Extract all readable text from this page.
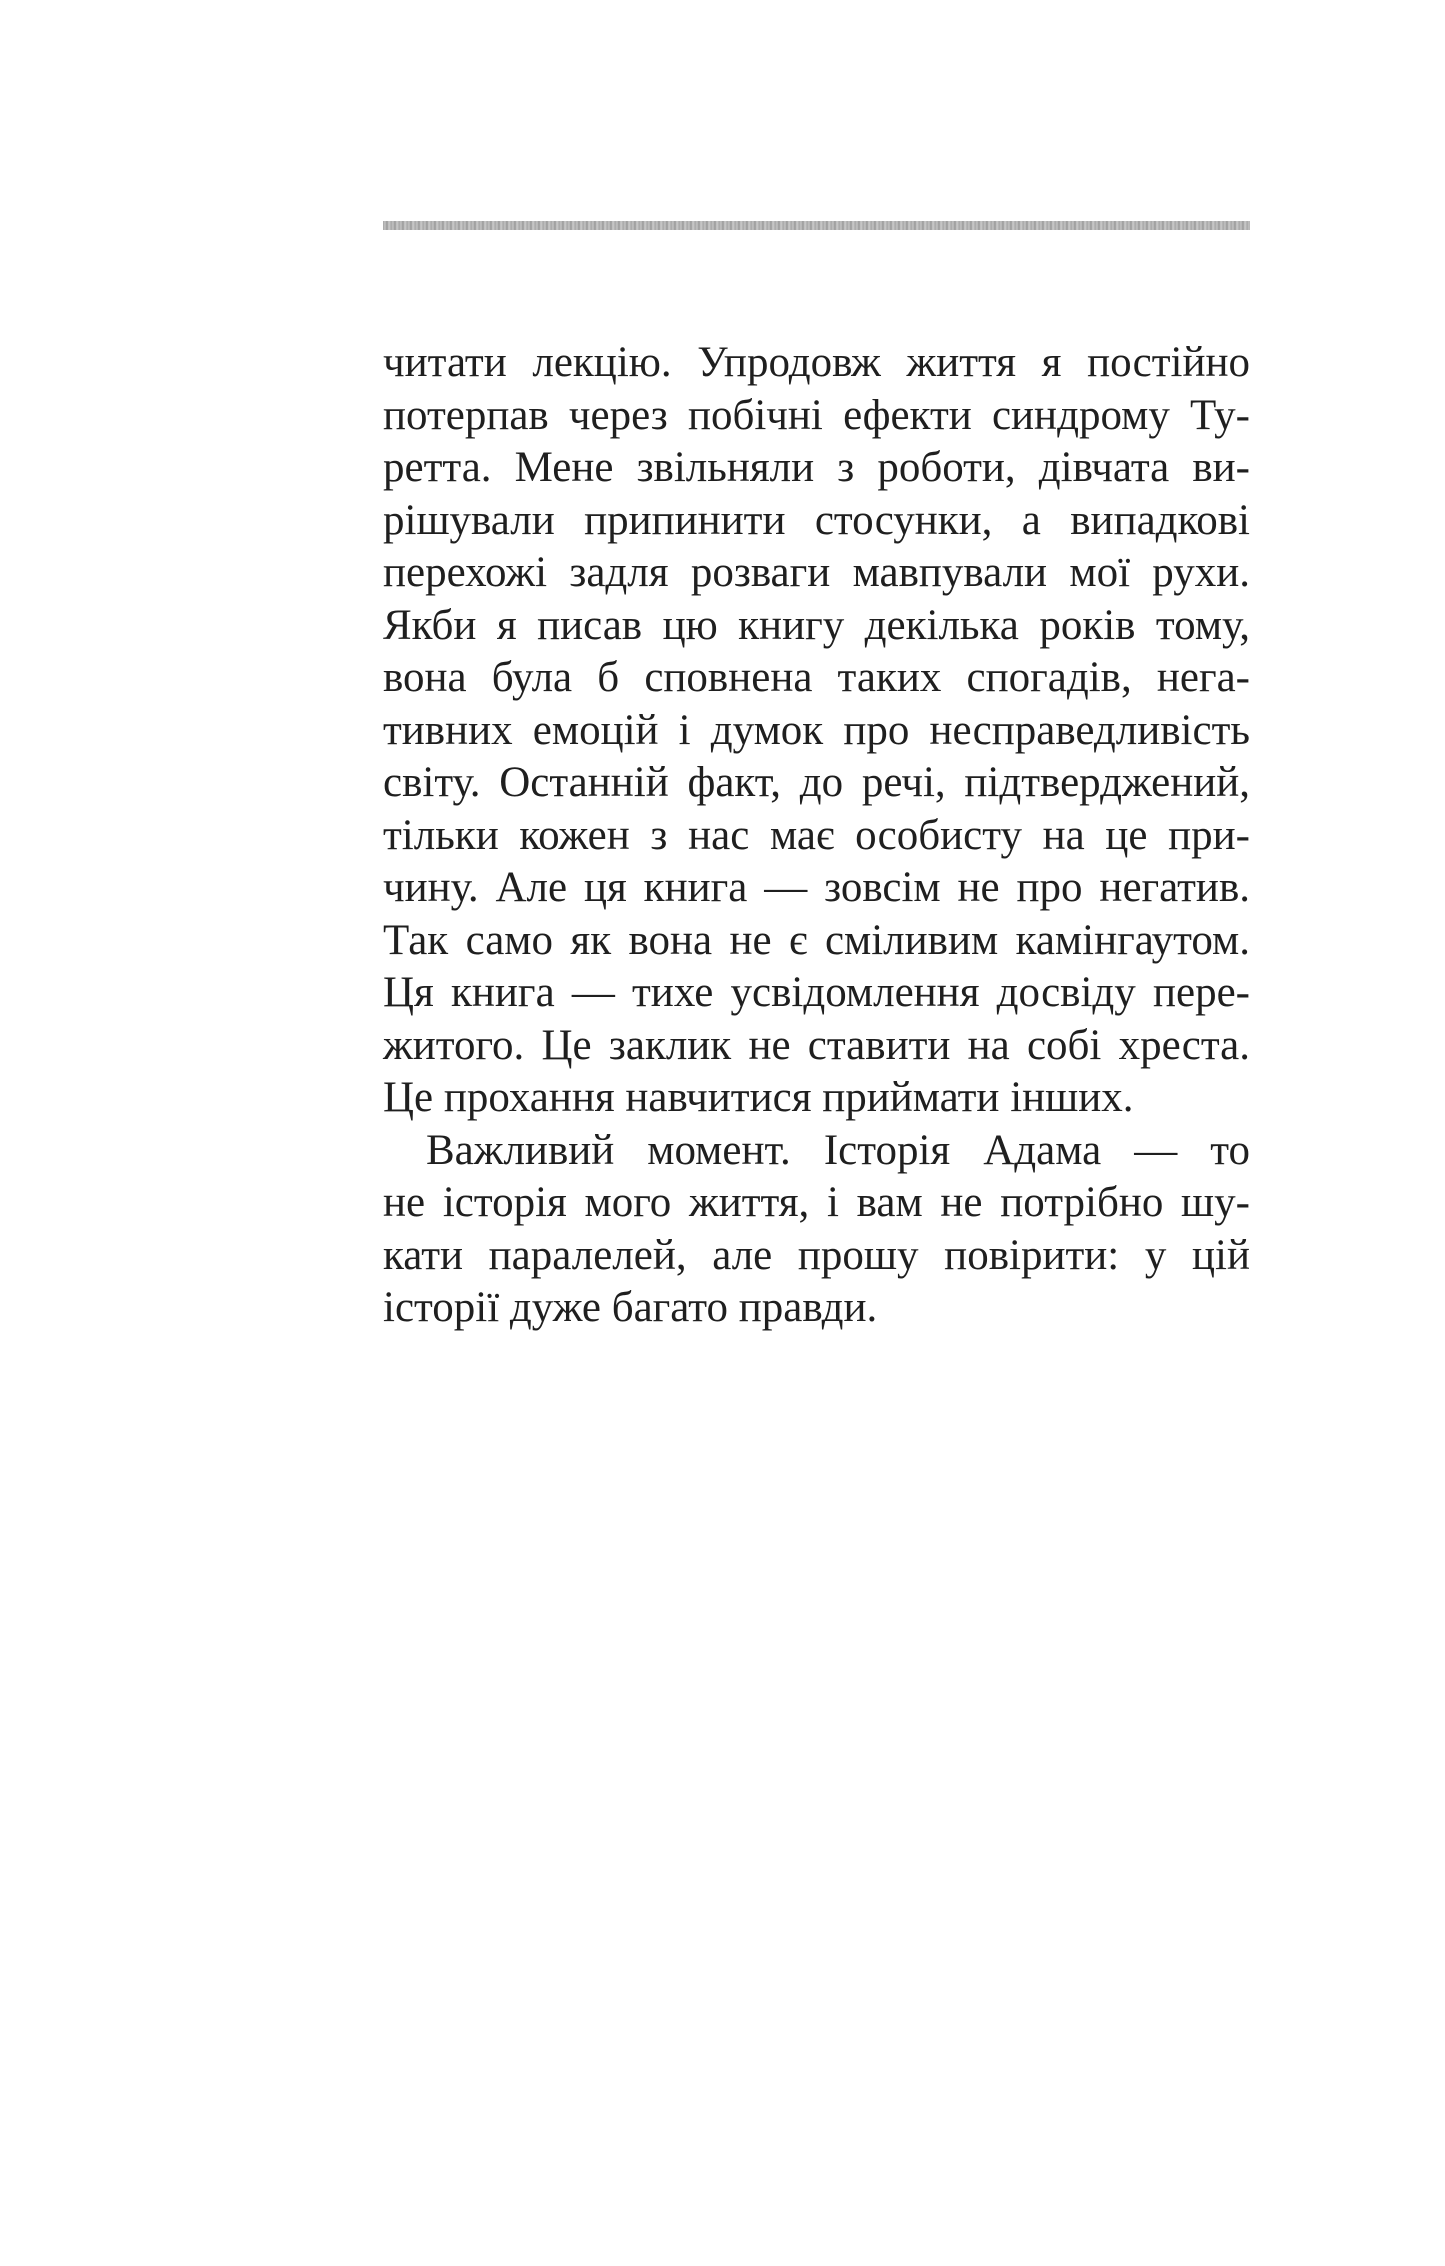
читати лекцію. Упродовж життя я постійно
потерпав через побічні ефекти синдрому Ту-
ретта. Мене звільняли з роботи, дівчата ви-
рішували припинити стосунки, а випадкові
перехожі задля розваги мавпували мої рухи.
Якби я писав цю книгу декілька років тому,
вона була б сповнена таких спогадів, нега-
тивних емоцій і думок про несправедливість
світу. Останній факт, до речі, підтверджений,
тільки кожен з нас має особисту на це при-
чину. Але ця книга — зовсім не про негатив.
Так само як вона не є сміливим камінгаутом.
Ця книга — тихе усвідомлення досвіду пере-
житого. Це заклик не ставити на собі хреста.
Це прохання навчитися приймати інших.
Важливий момент. Історія Адама — то
не історія мого життя, і вам не потрібно шу-
кати паралелей, але прошу повірити: у цій
історії дуже багато правди.
